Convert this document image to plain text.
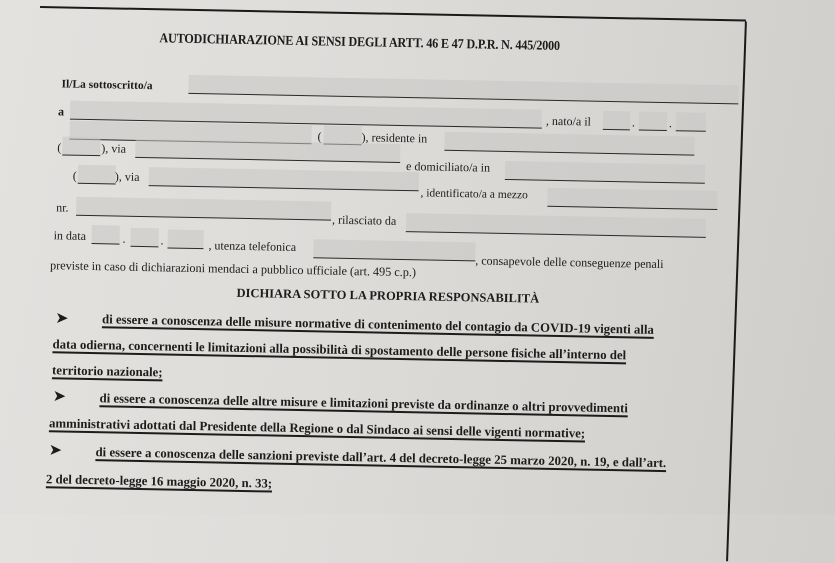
AUTODICHIARAZIONE AI SENSI DEGLI ARTT. 46 E 47 D.P.R. N. 445/2000
Il/La sottoscritto/a
a
, nato/a il	.	.
(	), residente in
(	), via
e domiciliato/a in
(	), via
, identificato/a a mezzo
nr.
, rilasciato da
in data	.	.	, utenza telefonica
, consapevole delle conseguenze penali
previste in caso di dichiarazioni mendaci a pubblico ufficiale (art. 495 c.p.)
DICHIARA SOTTO LA PROPRIA RESPONSABILITÀ
➤	di essere a conoscenza delle misure normative di contenimento del contagio da COVID-19 vigenti alla
data odierna, concernenti le limitazioni alla possibilità di spostamento delle persone fisiche all’interno del
territorio nazionale;
➤	di essere a conoscenza delle altre misure e limitazioni previste da ordinanze o altri provvedimenti
amministrativi adottati dal Presidente della Regione o dal Sindaco ai sensi delle vigenti normative;
➤	di essere a conoscenza delle sanzioni previste dall’art. 4 del decreto-legge 25 marzo 2020, n. 19, e dall’art.
2 del decreto-legge 16 maggio 2020, n. 33;
